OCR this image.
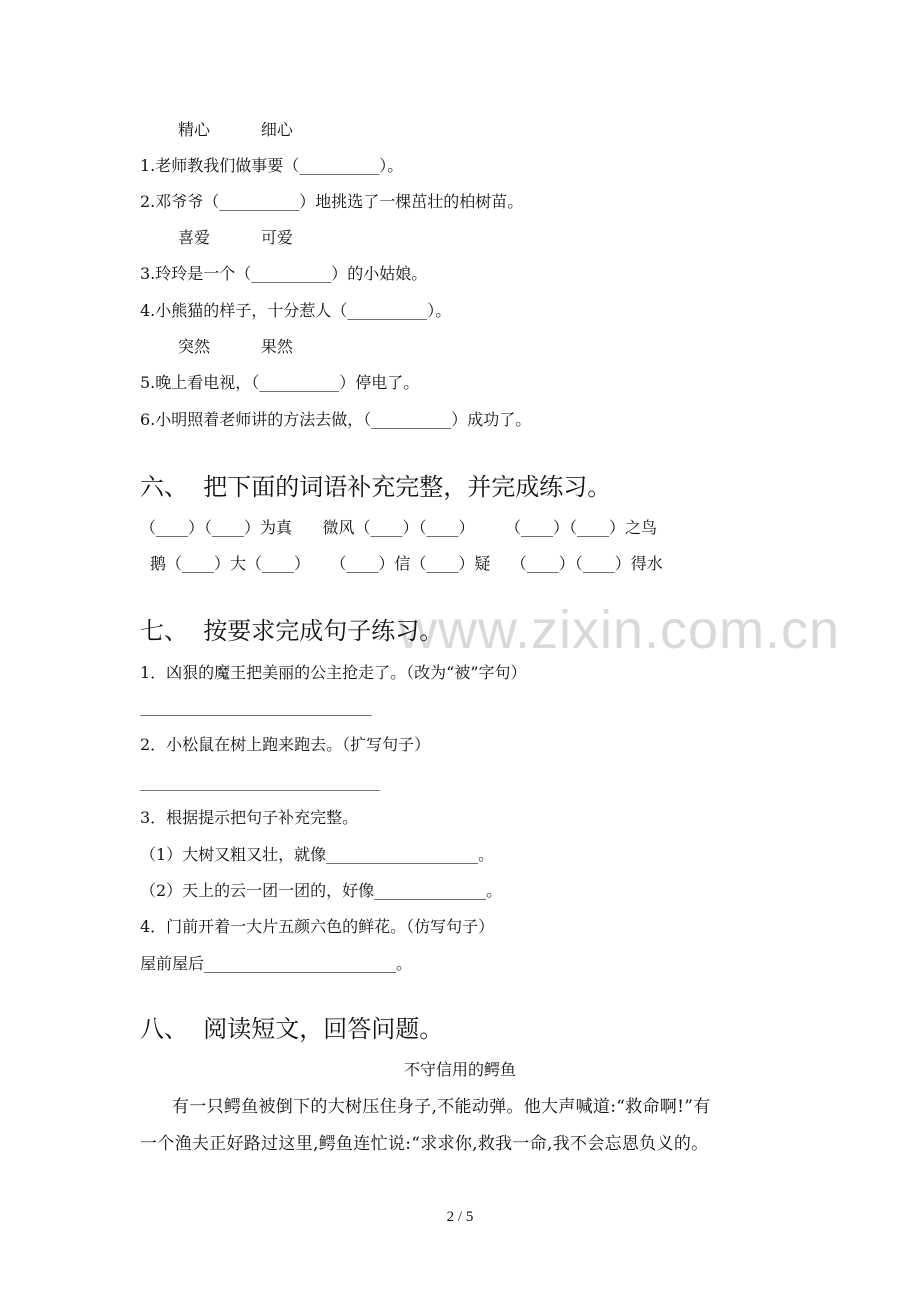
www.zixin.com.cn
精心          细心
1.老师教我们做事要（__________）。
2.邓爷爷（__________）地挑选了一棵茁壮的柏树苗。
喜爱          可爱
3.玲玲是一个（__________）的小姑娘。
4.小熊猫的样子，十分惹人（__________）。
突然          果然
5.晚上看电视，（__________）停电了。
6.小明照着老师讲的方法去做，（__________）成功了。
六、  把下面的词语补充完整，并完成练习。
（____）（____）为真      微风（____）（____）      （____）（____）之鸟
鹅（____）大（____）    （____）信（____）疑    （____）（____）得水
七、  按要求完成句子练习。
1．凶狠的魔王把美丽的公主抢走了。（改为“被”字句）
2．小松鼠在树上跑来跑去。（扩写句子）
3．根据提示把句子补充完整。
（1）大树又粗又壮，就像___________________。
（2）天上的云一团一团的，好像______________。
4．门前开着一大片五颜六色的鲜花。（仿写句子）
屋前屋后________________________。
八、  阅读短文，回答问题。
不守信用的鳄鱼
有一只鳄鱼被倒下的大树压住身子,不能动弹。他大声喊道:“救命啊!”有
一个渔夫正好路过这里,鳄鱼连忙说:“求求你,救我一命,我不会忘恩负义的。
2 / 5
